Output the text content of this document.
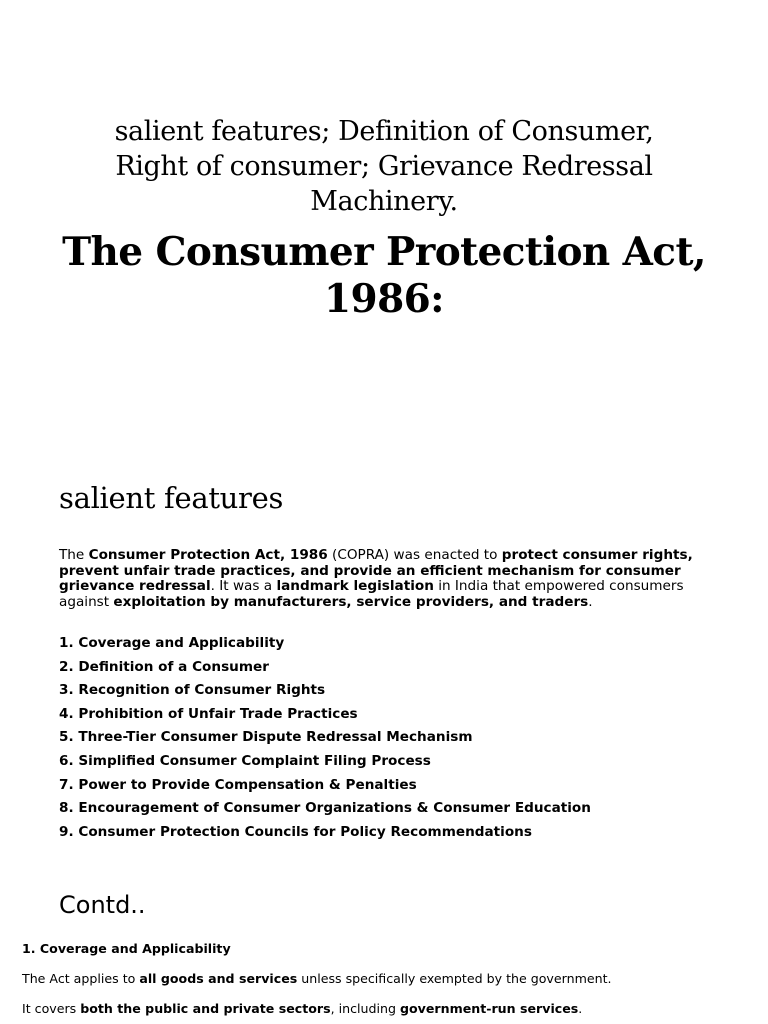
salient features; Definition of Consumer,
Right of consumer; Grievance Redressal
Machinery.
The Consumer Protection Act,
1986:
salient features

The Consumer Protection Act, 1986 (COPRA) was enacted to protect consumer rights, prevent unfair trade practices, and provide an efficient mechanism for consumer grievance redressal. It was a landmark legislation in India that empowered consumers against exploitation by manufacturers, service providers, and traders.

1. Coverage and Applicability
2. Definition of a Consumer
3. Recognition of Consumer Rights
4. Prohibition of Unfair Trade Practices
5. Three-Tier Consumer Dispute Redressal Mechanism
6. Simplified Consumer Complaint Filing Process
7. Power to Provide Compensation & Penalties
8. Encouragement of Consumer Organizations & Consumer Education
9. Consumer Protection Councils for Policy Recommendations
Contd..
1. Coverage and Applicability
The Act applies to all goods and services unless specifically exempted by the government.
It covers both the public and private sectors, including government-run services.
